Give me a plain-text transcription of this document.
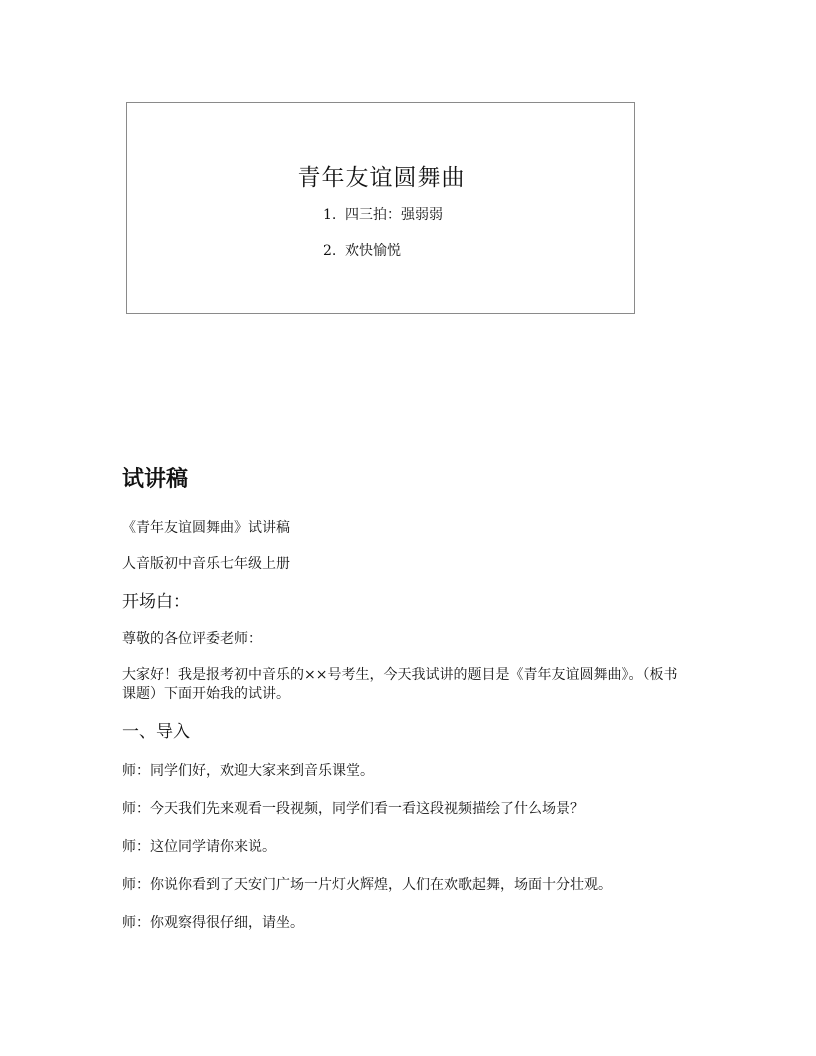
青年友谊圆舞曲
1. 四三拍：强弱弱
2. 欢快愉悦
试讲稿

《青年友谊圆舞曲》试讲稿

人音版初中音乐七年级上册

开场白：

尊敬的各位评委老师：

大家好！我是报考初中音乐的××号考生，今天我试讲的题目是《青年友谊圆舞曲》。（板书课题）下面开始我的试讲。

一、导入

师：同学们好，欢迎大家来到音乐课堂。

师：今天我们先来观看一段视频，同学们看一看这段视频描绘了什么场景？

师：这位同学请你来说。

师：你说你看到了天安门广场一片灯火辉煌，人们在欢歌起舞，场面十分壮观。

师：你观察得很仔细，请坐。
